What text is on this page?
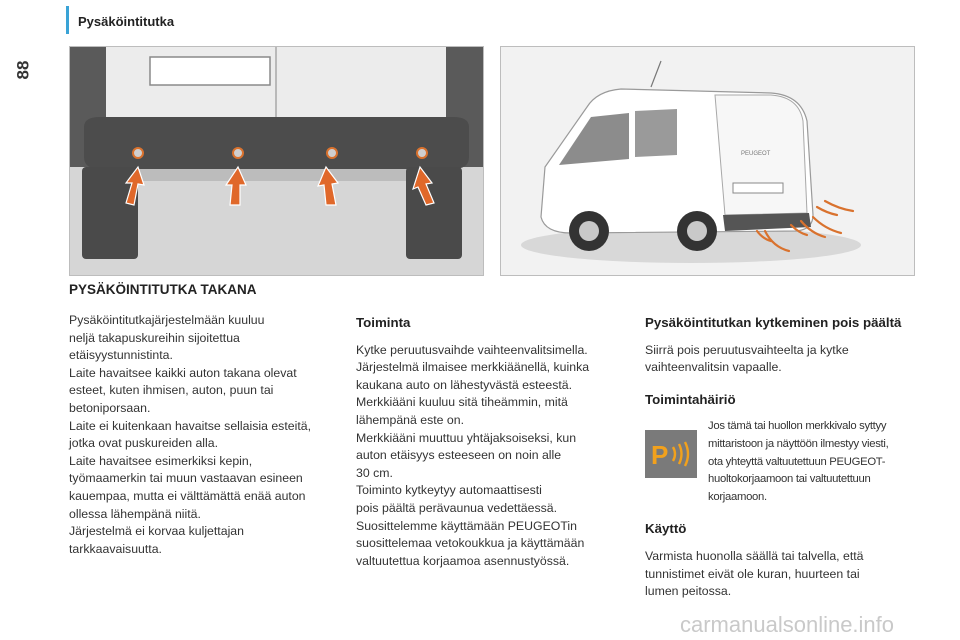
Pysäköintitutka
88
PEUGEOT
PYSÄKÖINTITUTKA TAKANA

Pysäköintitutkajärjestelmään kuuluu
neljä takapuskureihin sijoitettua
etäisyystunnistinta.
Laite havaitsee kaikki auton takana olevat
esteet, kuten ihmisen, auton, puun tai
betoniporsaan.
Laite ei kuitenkaan havaitse sellaisia esteitä,
jotka ovat puskureiden alla.
Laite havaitsee esimerkiksi kepin,
työmaamerkin tai muun vastaavan esineen
kauempaa, mutta ei välttämättä enää auton
ollessa lähempänä niitä.
Järjestelmä ei korvaa kuljettajan
tarkkaavaisuutta.

Toiminta

Kytke peruutusvaihde vaihteenvalitsimella.
Järjestelmä ilmaisee merkkiäänellä, kuinka
kaukana auto on lähestyvästä esteestä.
Merkkiääni kuuluu sitä tiheämmin, mitä
lähempänä este on.
Merkkiääni muuttuu yhtäjaksoiseksi, kun
auton etäisyys esteeseen on noin alle
30 cm.
Toiminto kytkeytyy automaattisesti
pois päältä perävaunua vedettäessä.
Suosittelemme käyttämään PEUGEOTin
suosittelemaa vetokoukkua ja käyttämään
valtuutettua korjaamoa asennustyössä.

Pysäköintitutkan kytkeminen pois päältä

Siirrä pois peruutusvaihteelta ja kytke
vaihteenvalitsin vapaalle.

Toimintahäiriö
P
Jos tämä tai huollon merkkivalo syttyy
mittaristoon ja näyttöön ilmestyy viesti,
ota yhteyttä valtuutettuun PEUGEOT-
huoltokorjaamoon tai valtuutettuun
korjaamoon.
Käyttö

Varmista huonolla säällä tai talvella, että
tunnistimet eivät ole kuran, huurteen tai
lumen peitossa.

carmanualsonline.info
